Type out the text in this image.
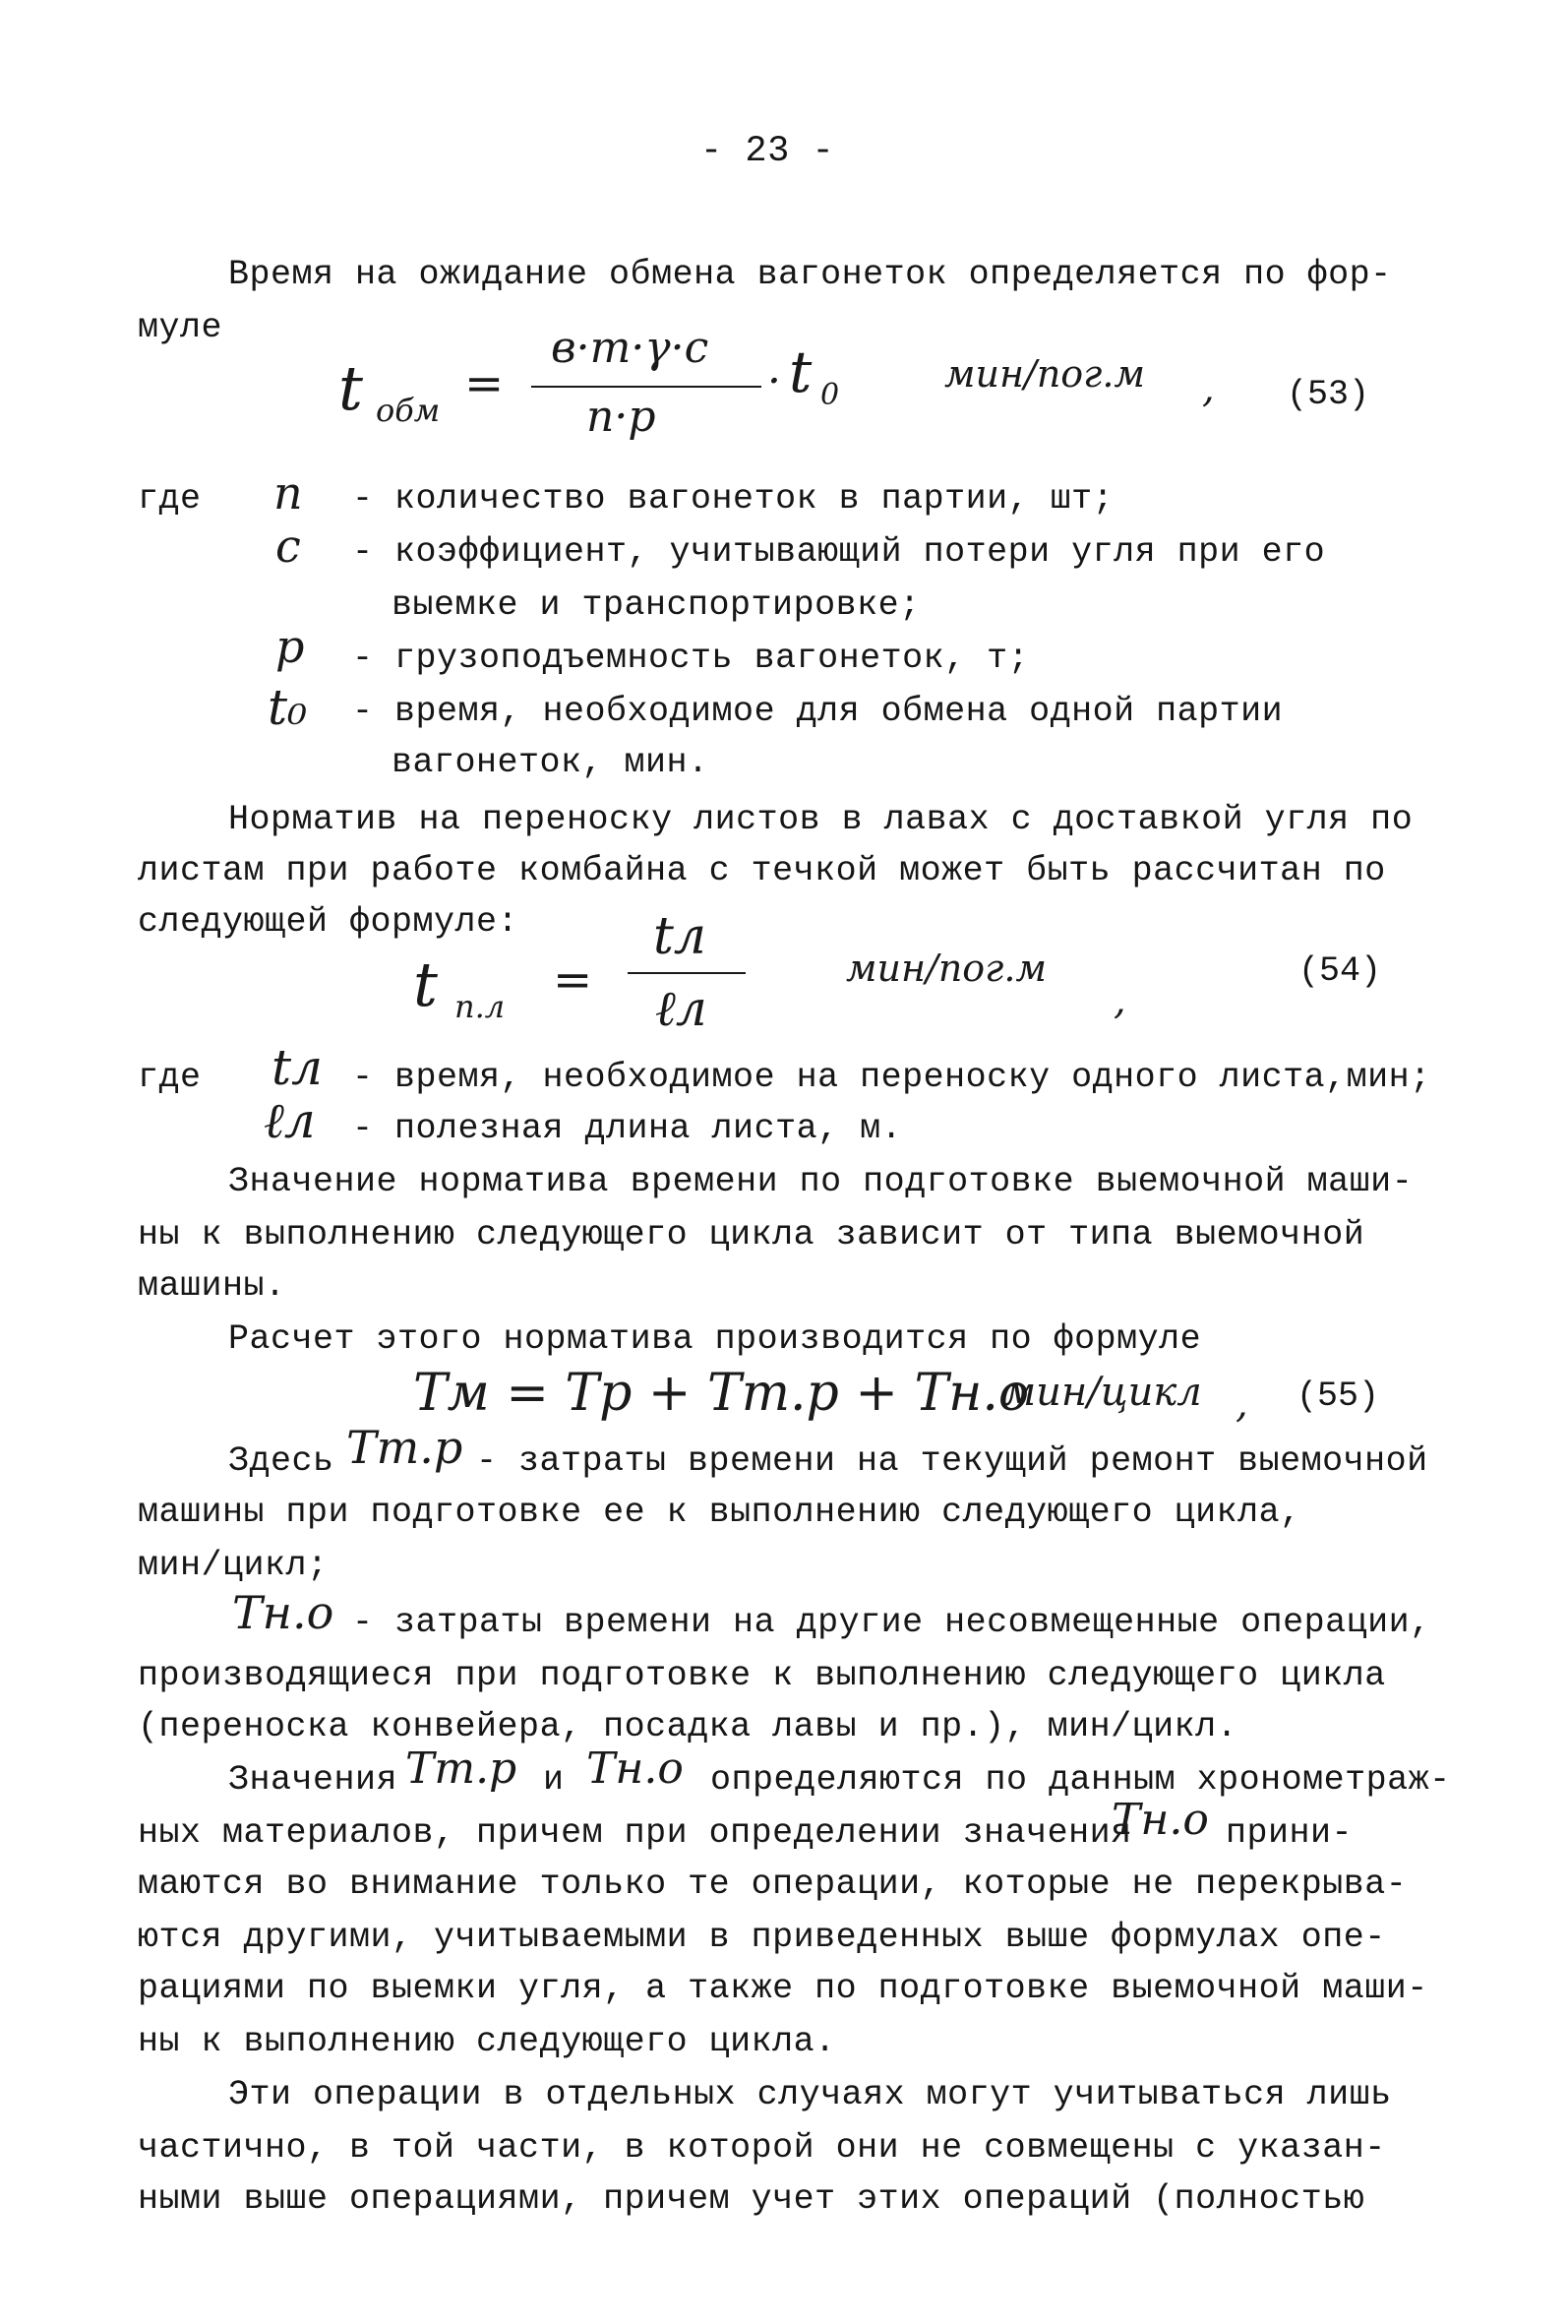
- 23 -
Время на ожидание обмена вагонеток определяется по фор-
муле
t обм =
в·m·γ·c
n·p
· t 0	мин/пог.м , (53)
где n - количество вагонеток в партии, шт;
c - коэффициент, учитывающий потери угля при его
выемке и транспортировке;
p - грузоподъемность вагонеток, т;
t₀ - время, необходимое для обмена одной партии
вагонеток, мин.
Норматив на переноску листов в лавах с доставкой угля по
листам при работе комбайна с течкой может быть рассчитан по
следующей формуле:
t п.л =
tл
ℓл
мин/пог.м
,
(54)
где tл - время, необходимое на переноску одного листа,мин;
ℓл - полезная длина листа, м.
Значение норматива времени по подготовке выемочной маши-
ны к выполнению следующего цикла зависит от типа выемочной
машины.
Расчет этого норматива производится по формуле
Tм = Tр + Tm.р + Tн.о
мин/цикл , (55)
Здесь Tm.р - затраты времени на текущий ремонт выемочной
машины при подготовке ее к выполнению следующего цикла,
мин/цикл;
Tн.о - затраты времени на другие несовмещенные операции,
производящиеся при подготовке к выполнению следующего цикла
(переноска конвейера, посадка лавы и пр.), мин/цикл.
Значения Tm.р и Tн.о определяются по данным хронометраж-
ных материалов, причем при определении значения
Tн.о прини-
маются во внимание только те операции, которые не перекрыва-
ются другими, учитываемыми в приведенных выше формулах опе-
рациями по выемки угля, а также по подготовке выемочной маши-
ны к выполнению следующего цикла.
Эти операции в отдельных случаях могут учитываться лишь
частично, в той части, в которой они не совмещены с указан-
ными выше операциями, причем учет этих операций (полностью
